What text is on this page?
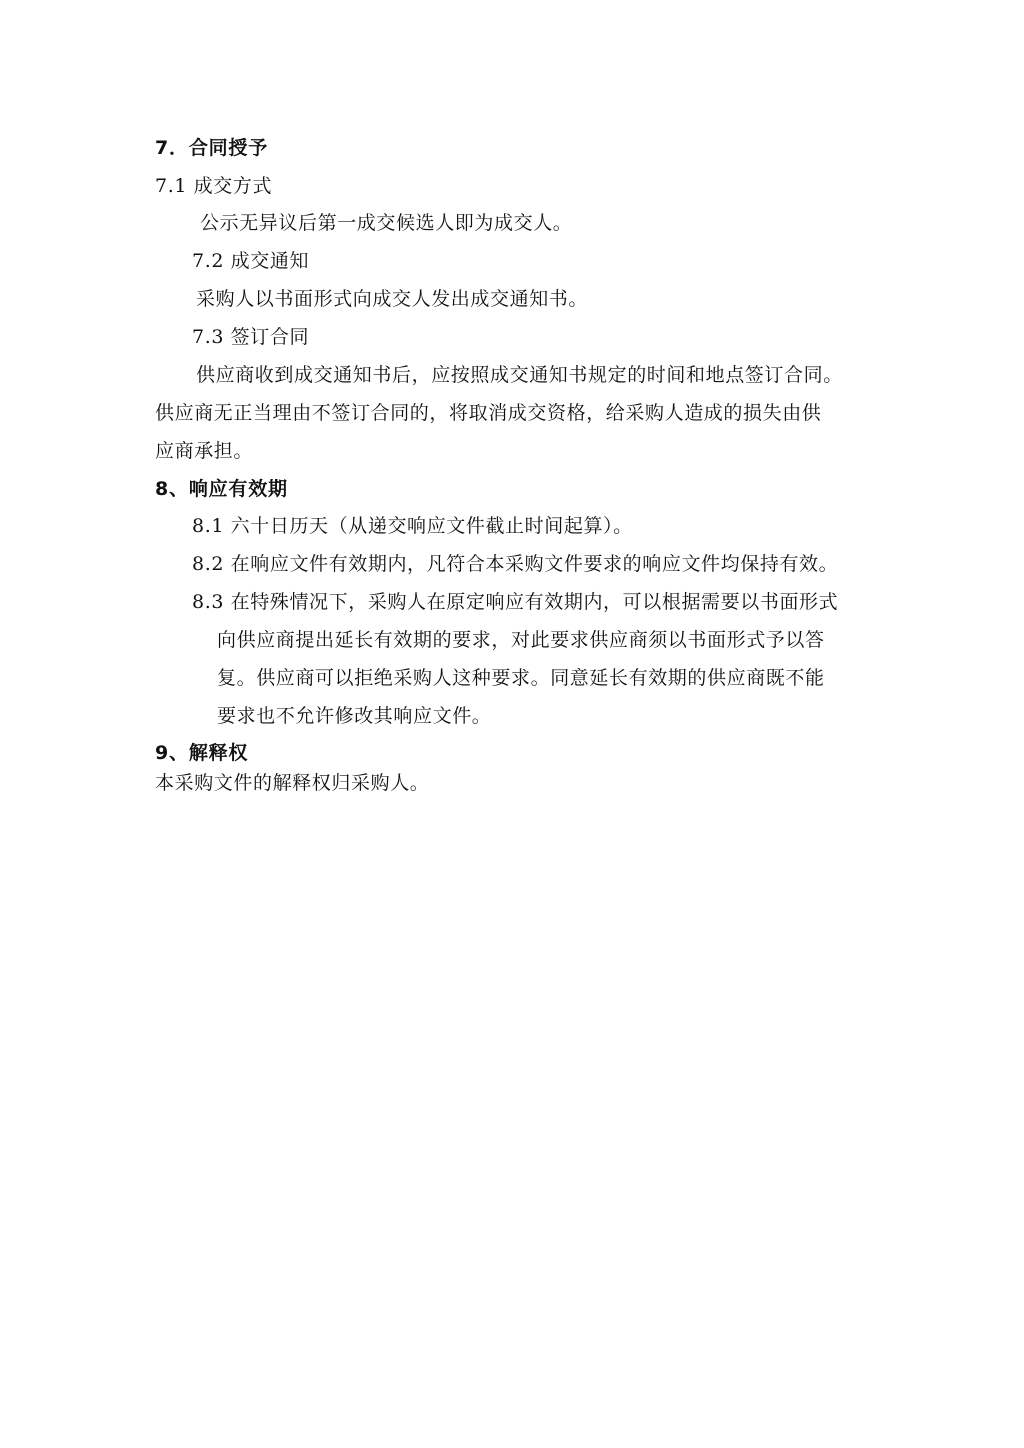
7．合同授予
7.1 成交方式
公示无异议后第一成交候选人即为成交人。
7.2 成交通知
采购人以书面形式向成交人发出成交通知书。
7.3 签订合同
供应商收到成交通知书后，应按照成交通知书规定的时间和地点签订合同。
供应商无正当理由不签订合同的，将取消成交资格，给采购人造成的损失由供
应商承担。
8、响应有效期
8.1 六十日历天（从递交响应文件截止时间起算）。
8.2 在响应文件有效期内，凡符合本采购文件要求的响应文件均保持有效。
8.3 在特殊情况下，采购人在原定响应有效期内，可以根据需要以书面形式
向供应商提出延长有效期的要求，对此要求供应商须以书面形式予以答
复。供应商可以拒绝采购人这种要求。同意延长有效期的供应商既不能
要求也不允许修改其响应文件。
9、解释权
本采购文件的解释权归采购人。
